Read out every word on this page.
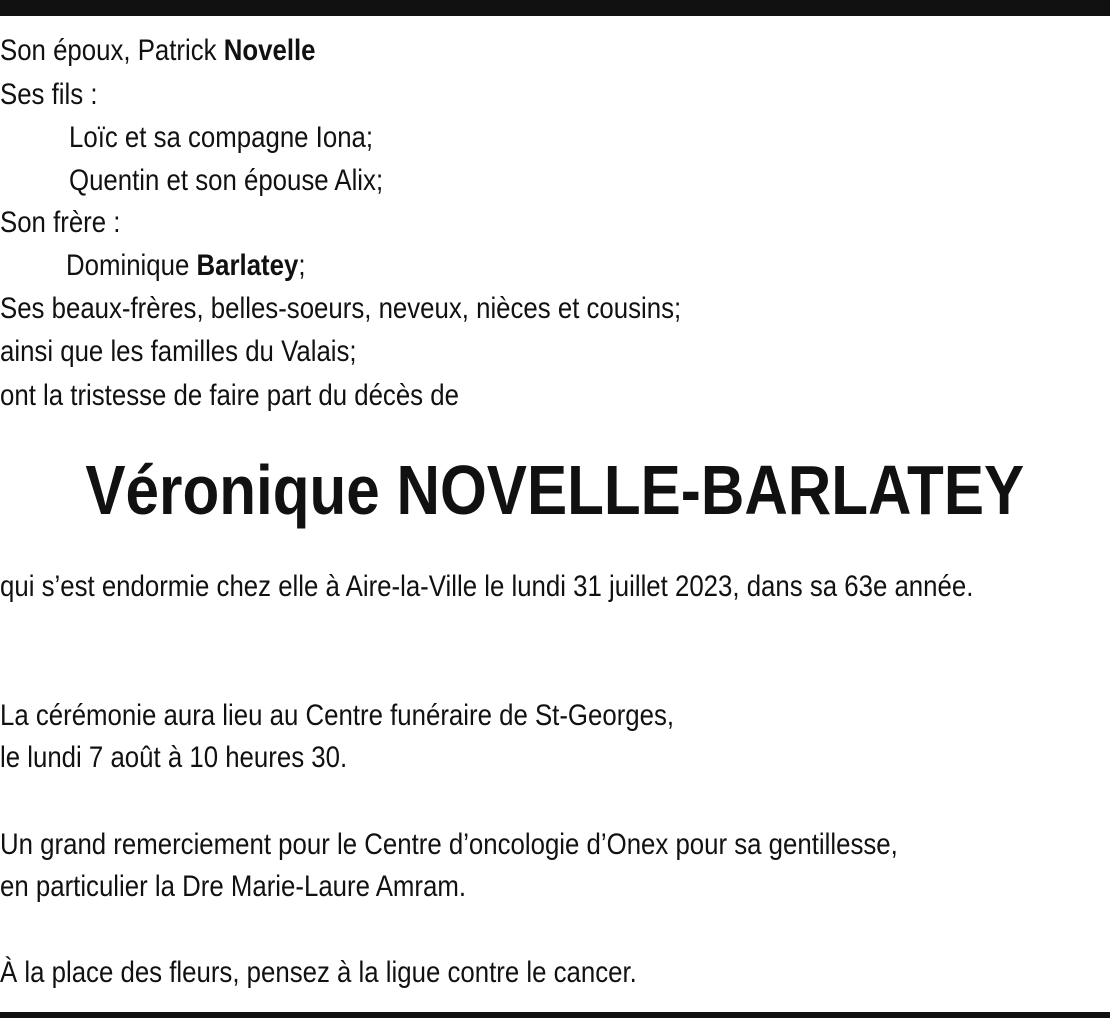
Son époux, Patrick Novelle
Ses fils :
Loïc et sa compagne Iona;
Quentin et son épouse Alix;
Son frère :
Dominique Barlatey;
Ses beaux-frères, belles-soeurs, neveux, nièces et cousins;
ainsi que les familles du Valais;
ont la tristesse de faire part du décès de
Véronique NOVELLE-BARLATEY
qui s’est endormie chez elle à Aire-la-Ville le lundi 31 juillet 2023, dans sa 63e année.
La cérémonie aura lieu au Centre funéraire de St-Georges,
le lundi 7 août à 10 heures 30.
Un grand remerciement pour le Centre d’oncologie d’Onex pour sa gentillesse,
en particulier la Dre Marie-Laure Amram.
À la place des fleurs, pensez à la ligue contre le cancer.
